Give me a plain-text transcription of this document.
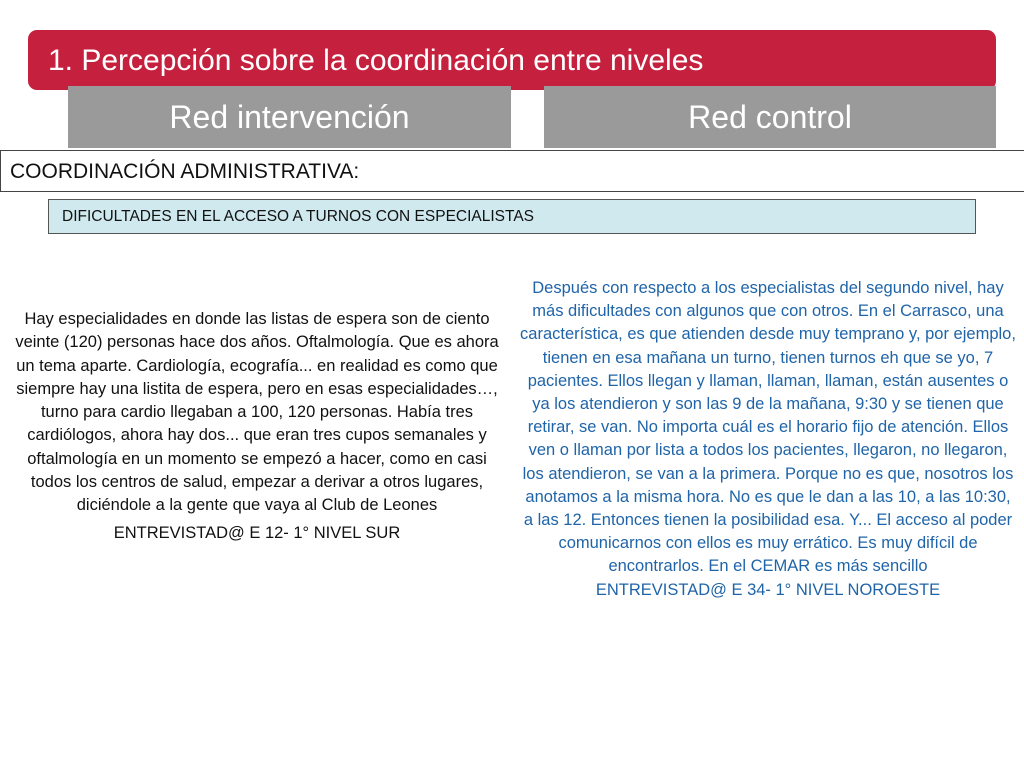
1. Percepción sobre la coordinación entre niveles
Red intervención	Red control
COORDINACIÓN ADMINISTRATIVA:
DIFICULTADES EN EL ACCESO A TURNOS CON ESPECIALISTAS

Hay especialidades en donde las listas de espera son de ciento veinte (120) personas hace dos años. Oftalmología. Que es ahora un tema aparte. Cardiología, ecografía... en realidad es como que siempre hay una listita de espera, pero en esas especialidades…, turno para cardio llegaban a 100, 120 personas. Había tres cardiólogos, ahora hay dos... que eran tres cupos semanales y oftalmología en un momento se empezó a hacer, como en casi todos los centros de salud, empezar a derivar a otros lugares, diciéndole a la gente que vaya al Club de Leones

ENTREVISTAD@ E 12- 1° NIVEL SUR

Después con respecto a los especialistas del segundo nivel, hay más dificultades con algunos que con otros. En el Carrasco, una característica, es que atienden desde muy temprano y, por ejemplo, tienen en esa mañana un turno, tienen turnos eh que se yo, 7 pacientes. Ellos llegan y llaman, llaman, llaman, están ausentes o ya los atendieron y son las 9 de la mañana, 9:30 y se tienen que retirar, se van. No importa cuál es el horario fijo de atención. Ellos ven o llaman por lista a todos los pacientes, llegaron, no llegaron, los atendieron, se van a la primera. Porque no es que, nosotros los anotamos a la misma hora. No es que le dan a las 10, a las 10:30, a las 12. Entonces tienen la posibilidad esa. Y... El acceso al poder comunicarnos con ellos es muy errático. Es muy difícil de encontrarlos. En el CEMAR es más sencillo

ENTREVISTAD@ E 34- 1° NIVEL NOROESTE
